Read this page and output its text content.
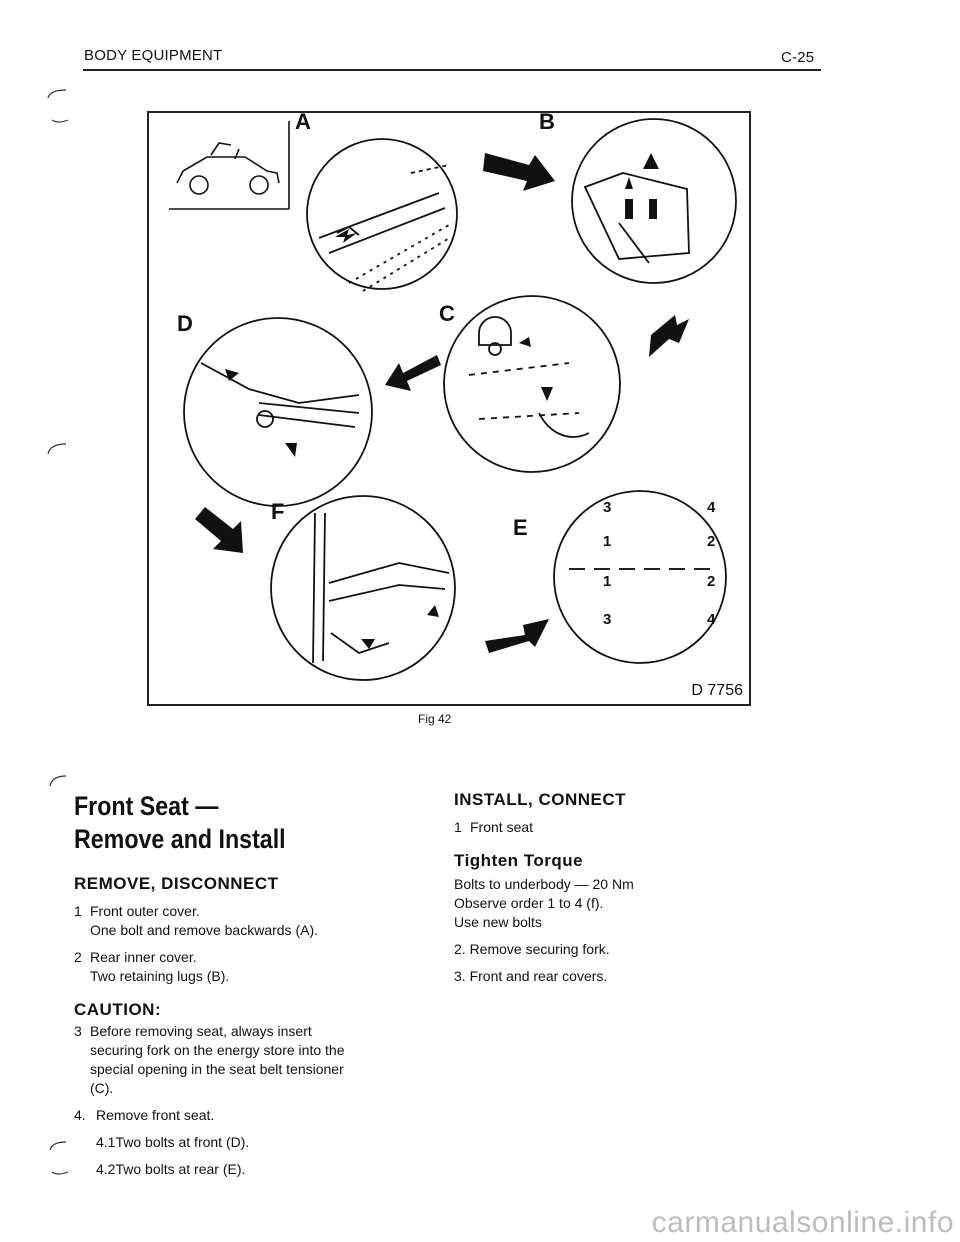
BODY EQUIPMENT	C-25
A	B
C
D
E
F	3	4
1	2
1	2
3	4
D 7756
Fig 42
Front Seat —
Remove and Install
REMOVE, DISCONNECT
1 Front outer cover.
One bolt and remove backwards (A).
2 Rear inner cover.
Two retaining lugs (B).
CAUTION:
3 Before removing seat, always insert
securing fork on the energy store into the
special opening in the seat belt tensioner
(C).
4. Remove front seat.
4.1Two bolts at front (D).
4.2Two bolts at rear (E).
INSTALL, CONNECT
1 Front seat
Tighten Torque
Bolts to underbody — 20 Nm
Observe order 1 to 4 (f).
Use new bolts
2. Remove securing fork.
3. Front and rear covers.
carmanualsonline.info
